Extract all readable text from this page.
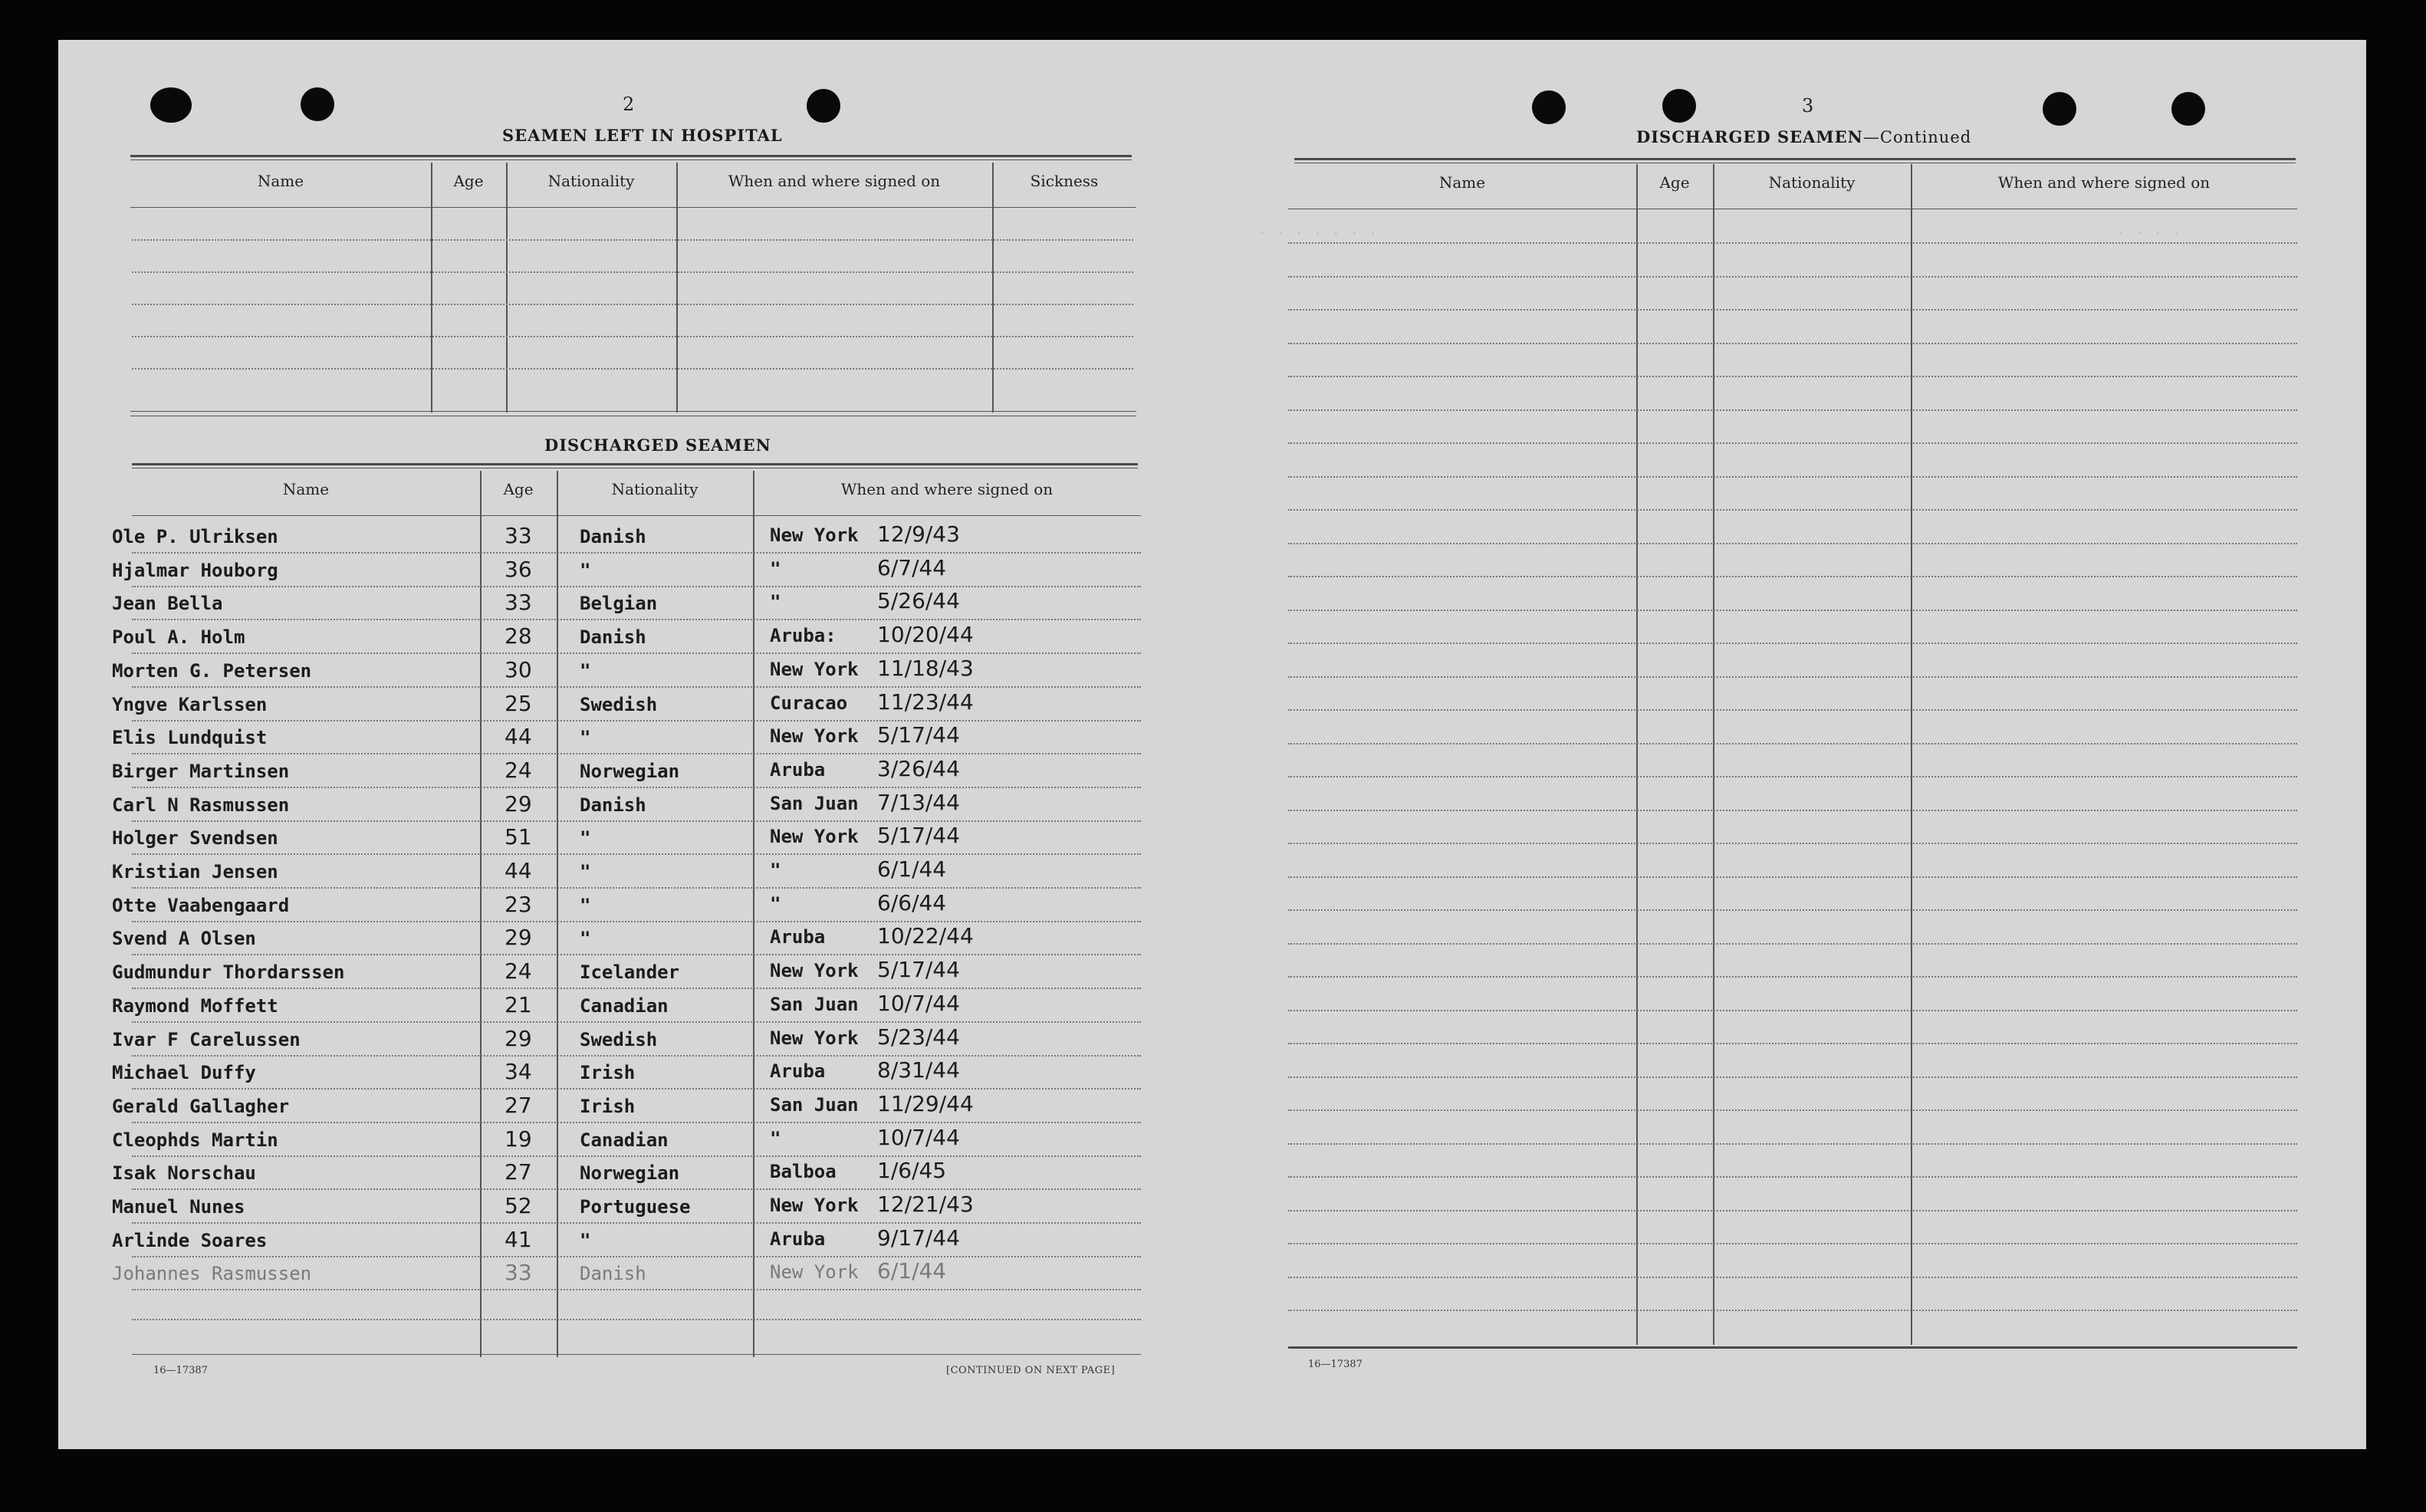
· · · · · · ·	· · · ·
2
SEAMEN LEFT IN HOSPITAL
Name	Age	Nationality	When and where signed on	Sickness
DISCHARGED SEAMEN
Name	Age	Nationality	When and where signed on
Ole P. Ulriksen	33	Danish	New York 12/9/43
Hjalmar Houborg	36	"	"	6/7/44
Jean Bella	33	Belgian	"	5/26/44
Poul A. Holm	28	Danish	Aruba: 10/20/44
Morten G. Petersen	30	"	New York 11/18/43
Yngve Karlssen	25	Swedish	Curacao 11/23/44
Elis Lundquist	44	"	New York 5/17/44
Birger Martinsen	24	Norwegian	Aruba 3/26/44
Carl N Rasmussen	29	Danish	San Juan 7/13/44
Holger Svendsen	51	"	New York 5/17/44
Kristian Jensen	44	"	"	6/1/44
Otte Vaabengaard	23	"	"	6/6/44
Svend A Olsen	29	"	Aruba 10/22/44
Gudmundur Thordarssen	24	Icelander	New York 5/17/44
Raymond Moffett	21	Canadian	San Juan 10/7/44
Ivar F Carelussen	29	Swedish	New York 5/23/44
Michael Duffy	34	Irish	Aruba 8/31/44
Gerald Gallagher	27	Irish	San Juan 11/29/44
Cleophds Martin	19	Canadian	"	10/7/44
Isak Norschau	27	Norwegian	Balboa 1/6/45
Manuel Nunes	52	Portuguese	New York 12/21/43
Arlinde Soares	41	"	Aruba 9/17/44
Johannes Rasmussen	33	Danish	New York 6/1/44
16—17387	[CONTINUED ON NEXT PAGE]
3
DISCHARGED SEAMEN—Continued
Name	Age	Nationality	When and where signed on
16—17387
